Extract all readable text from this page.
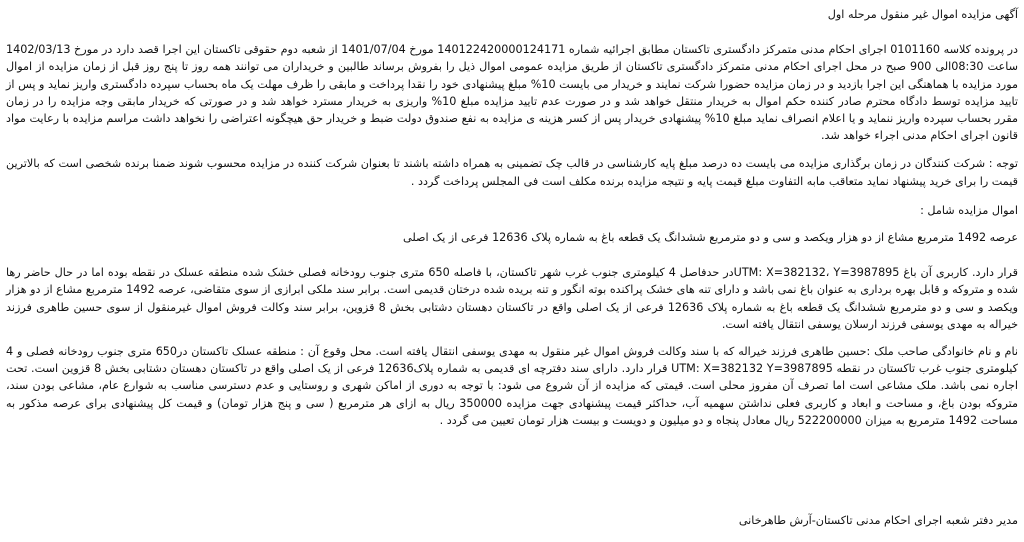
آگهی مزایده اموال غیر منقول مرحله اول

در پرونده کلاسه 0101160 اجرای احکام مدنی متمرکز دادگستری تاکستان مطابق اجرائیه شماره 140122420000124171 مورخ 1401/07/04 از شعبه دوم حقوقی تاکستان این اجرا قصد دارد در مورخ 1402/03/13 ساعت 08:30الی 900 صبح در محل اجرای احکام مدنی متمرکز دادگستری تاکستان از طریق مزایده عمومی اموال ذیل را بفروش برساند طالبین و خریداران می توانند همه روز تا پنج روز قبل از زمان مزایده از اموال مورد مزایده با هماهنگی این اجرا بازدید و در زمان مزایده حضورا شرکت نمایند و خریدار می بایست 10% مبلغ پیشنهادی خود را نقدا پرداخت و مابقی را ظرف مهلت یک ماه بحساب سپرده دادگستری واریز نماید و پس از تایید مزایده توسط دادگاه محترم صادر کننده حکم اموال به خریدار منتقل خواهد شد و در صورت عدم تایید مزایده مبلغ 10% واریزی به خریدار مسترد خواهد شد و در صورتی که خریدار مابقی وجه مزایده را در زمان مقرر بحساب سپرده واریز ننماید و یا اعلام انصراف نماید مبلغ 10% پیشنهادی خریدار پس از کسر هزینه ی مزایده به نفع صندوق دولت ضبط و خریدار حق هیچگونه اعتراضی را نخواهد داشت مراسم مزایده با رعایت مواد قانون اجرای احکام مدنی اجراء خواهد شد.

توجه : شرکت کنندگان در زمان برگذاری مزایده می بایست ده درصد مبلغ پایه کارشناسی در قالب چک تضمینی به همراه داشته باشند تا بعنوان شرکت کننده در مزایده محسوب شوند ضمنا برنده شخصی است که بالاترین قیمت را برای خرید پیشنهاد نماید متعاقب مابه التفاوت مبلغ قیمت پایه و نتیجه مزایده برنده مکلف است فی المجلس پرداخت گردد .

اموال مزایده شامل :

عرصه 1492 مترمربع مشاع از دو هزار ویکصد و سی و دو مترمربع ششدانگ یک قطعه باغ به شماره پلاک 12636 فرعی از یک اصلی

قرار دارد. کاربری آن باغ UTM: X=382132، Y=3987895در حدفاصل 4 کیلومتری جنوب غرب شهر تاکستان، با فاصله 650 متری جنوب رودخانه فصلی خشک شده منطقه عسلک در نقطه بوده اما در حال حاضر رها شده و متروکه و قابل بهره برداری به عنوان باغ نمی باشد و دارای تنه های خشک پراکنده بوته انگور و تنه بریده شده درختان قدیمی است. برابر سند ملکی ابرازی از سوی متقاضی، عرصه 1492 مترمربع مشاع از دو هزار ویکصد و سی و دو مترمربع ششدانگ یک قطعه باغ به شماره پلاک 12636 فرعی از یک اصلی واقع در تاکستان دهستان دشتابی بخش 8 قزوین، برابر سند وکالت فروش اموال غیرمنقول از سوی حسین طاهری فرزند خیراله به مهدی یوسفی فرزند ارسلان یوسفی انتقال یافته است.

نام و نام خانوادگی صاحب ملک :حسین طاهری فرزند خیراله که با سند وکالت فروش اموال غیر منقول به مهدی یوسفی انتقال یافته است. محل وقوع آن : منطقه عسلک تاکستان در650 متری جنوب رودخانه فصلی و 4 کیلومتری جنوب غرب تاکستان در نقطه UTM: X=382132 Y=3987895 قرار دارد. دارای سند دفترچه ای قدیمی به شماره پلاک12636 فرعی از یک اصلی واقع در تاکستان دهستان دشتابی بخش 8 قزوین است. تحت اجاره نمی باشد. ملک مشاعی است اما تصرف آن مفروز محلی است. قیمتی که مزایده از آن شروع می شود: با توجه به دوری از اماکن شهری و روستایی و عدم دسترسی مناسب به شوارع عام، مشاعی بودن سند، متروکه بودن باغ، و مساحت و ابعاد و کاربری فعلی نداشتن سهمیه آب، حداکثر قیمت پیشنهادی جهت مزایده 350000 ریال به ازای هر مترمربع ( سی و پنج هزار تومان) و قیمت کل پیشنهادی برای عرصه مذکور به مساحت 1492 مترمربع به میزان 522200000 ریال معادل پنجاه و دو میلیون و دویست و بیست هزار تومان تعیین می گردد .

مدیر دفتر شعبه اجرای احکام مدنی تاکستان-آرش طاهرخانی
